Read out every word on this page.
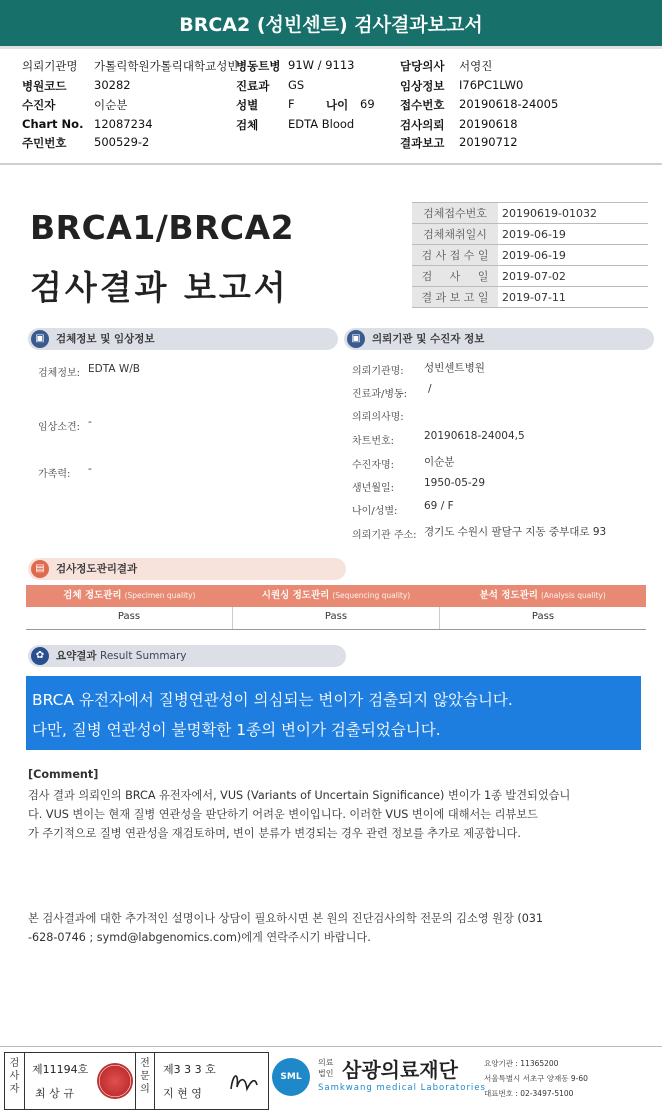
BRCA2 (성빈센트) 검사결과보고서
의뢰기관명 가톨릭학원가톨릭대학교성빈
병동트병 91W / 9113	담당의사 서영진
병원코드 30282	진료과 GS	임상정보 I76PC1LW0
수진자	이순분	성별	F	나이 69 접수번호 20190618-24005
Chart No. 12087234	검체	EDTA Blood	검사의뢰 20190618
주민번호 500529-2	결과보고 20190712
BRCA1/BRCA2
검사결과 보고서
검체접수번호	20190619-01032
검체채취일시	2019-06-19
검 사 접 수 일	2019-06-19
검     사     일	2019-07-02
결 과 보 고 일	2019-07-11
▣	검체정보 및 임상정보
검체정보: EDTA W/B
임상소견: -
가족력: -
▣	의뢰기관 및 수진자 정보
의뢰기관명: 성빈센트병원
진료과/병동: /
의뢰의사명:
차트번호:	20190618-24004,5
수진자명:	이순분
생년월일:	1950-05-29
나이/성별:	69 / F
의뢰기관 주소: 경기도 수원시 팔달구 지동 중부대로 93
▤	검사정도관리결과
검체 정도관리 (Specimen quality)	시퀀싱 정도관리 (Sequencing quality)	분석 정도관리 (Analysis quality)
Pass	Pass	Pass
✿	요약결과 Result Summary
BRCA 유전자에서 질병연관성이 의심되는 변이가 검출되지 않았습니다.
다만, 질병 연관성이 불명확한 1종의 변이가 검출되었습니다.
[Comment]
검사 결과 의뢰인의 BRCA 유전자에서, VUS (Variants of Uncertain Significance) 변이가 1종 발견되었습니
다. VUS 변이는 현재 질병 연관성을 판단하기 어려운 변이입니다. 이러한 VUS 변이에 대해서는 리뷰보드
가 주기적으로 질병 연관성을 재검토하며, 변이 분류가 변경되는 경우 관련 정보를 추가로 제공합니다.
본 검사결과에 대한 추가적인 설명이나 상담이 필요하시면 본 원의 진단검사의학 전문의 김소영 원장 (031
-628-0746 ; symd@labgenomics.com)에게 연락주시기 바랍니다.
검사자
제11194호
최 상 규
전문의
제3 3 3 호
지 현 영
SML
의료
법인 삼광의료재단
Samkwang medical Laboratories
요양기관 : 11365200
서울특별시 서초구 양재동 9-60
대표번호 : 02-3497-5100
